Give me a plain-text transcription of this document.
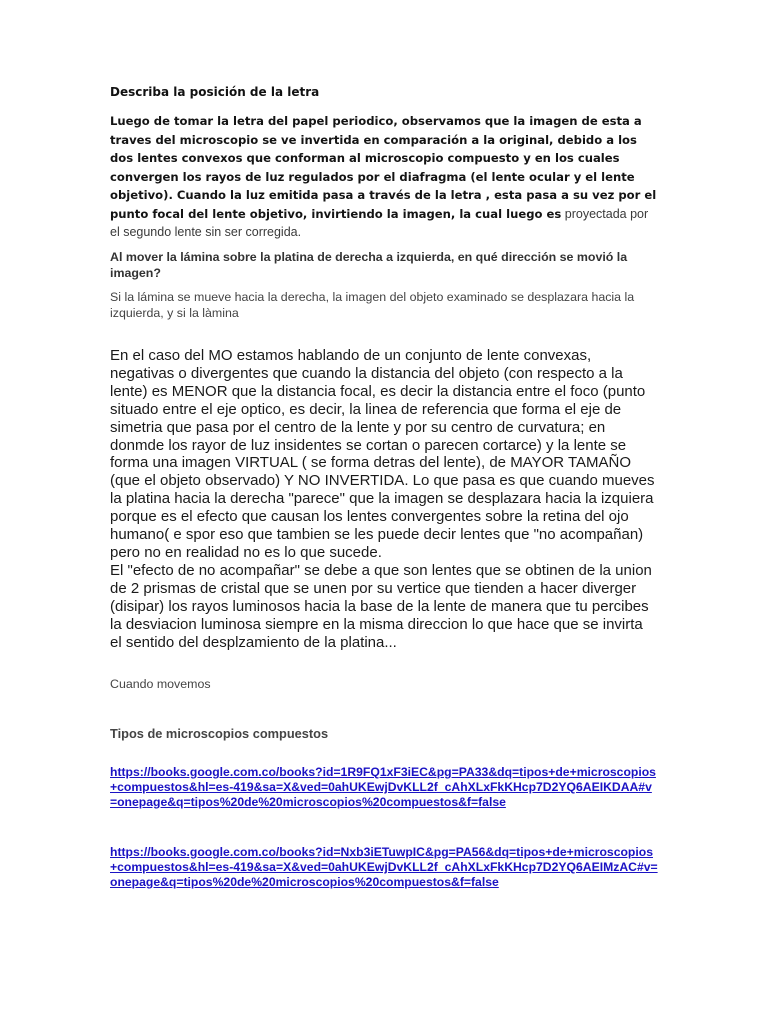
Describa la posición de la letra

Luego de tomar la letra del papel periodico, observamos que la imagen de esta a traves del microscopio se ve invertida en comparación a la original, debido a los dos lentes convexos que conforman al microscopio compuesto y en los cuales convergen los rayos de luz regulados por el diafragma (el lente ocular y el lente objetivo). Cuando la luz emitida pasa a través de la letra , esta pasa a su vez por el punto focal del lente objetivo, invirtiendo la imagen, la cual luego es proyectada por el segundo lente sin ser corregida.

Al mover la lámina sobre la platina de derecha a izquierda, en qué dirección se movió la imagen?

Si la lámina se mueve hacia la derecha, la imagen del objeto examinado se desplazara hacia la izquierda, y si la làmina

En el caso del MO estamos hablando de un conjunto de lente convexas, negativas o divergentes que cuando la distancia del objeto (con respecto a la lente) es MENOR que la distancia focal, es decir la distancia entre el foco (punto situado entre el eje optico, es decir, la linea de referencia que forma el eje de simetria que pasa por el centro de la lente y por su centro de curvatura; en donmde los rayor de luz insidentes se cortan o parecen cortarce) y la lente se forma una imagen VIRTUAL ( se forma detras del lente), de MAYOR TAMAÑO (que el objeto observado) Y NO INVERTIDA. Lo que pasa es que cuando mueves la platina hacia la derecha "parece" que la imagen se desplazara hacia la izquiera porque es el efecto que causan los lentes convergentes sobre la retina del ojo humano( e spor eso que tambien se les puede decir lentes que "no acompañan) pero no en realidad no es lo que sucede.

El "efecto de no acompañar" se debe a que son lentes que se obtinen de la union de 2 prismas de cristal que se unen por su vertice que tienden a hacer diverger (disipar) los rayos luminosos hacia la base de la lente de manera que tu percibes la desviacion luminosa siempre en la misma direccion lo que hace que se invirta el sentido del desplzamiento de la platina...

Cuando movemos

Tipos de microscopios compuestos
https://books.google.com.co/books?id=1R9FQ1xF3iEC&pg=PA33&dq=tipos+de+microscopios+compuestos&hl=es-419&sa=X&ved=0ahUKEwjDvKLL2f_cAhXLxFkKHcp7D2YQ6AEIKDAA#v=onepage&q=tipos%20de%20microscopios%20compuestos&f=false
https://books.google.com.co/books?id=Nxb3iETuwpIC&pg=PA56&dq=tipos+de+microscopios+compuestos&hl=es-419&sa=X&ved=0ahUKEwjDvKLL2f_cAhXLxFkKHcp7D2YQ6AEIMzAC#v=onepage&q=tipos%20de%20microscopios%20compuestos&f=false
